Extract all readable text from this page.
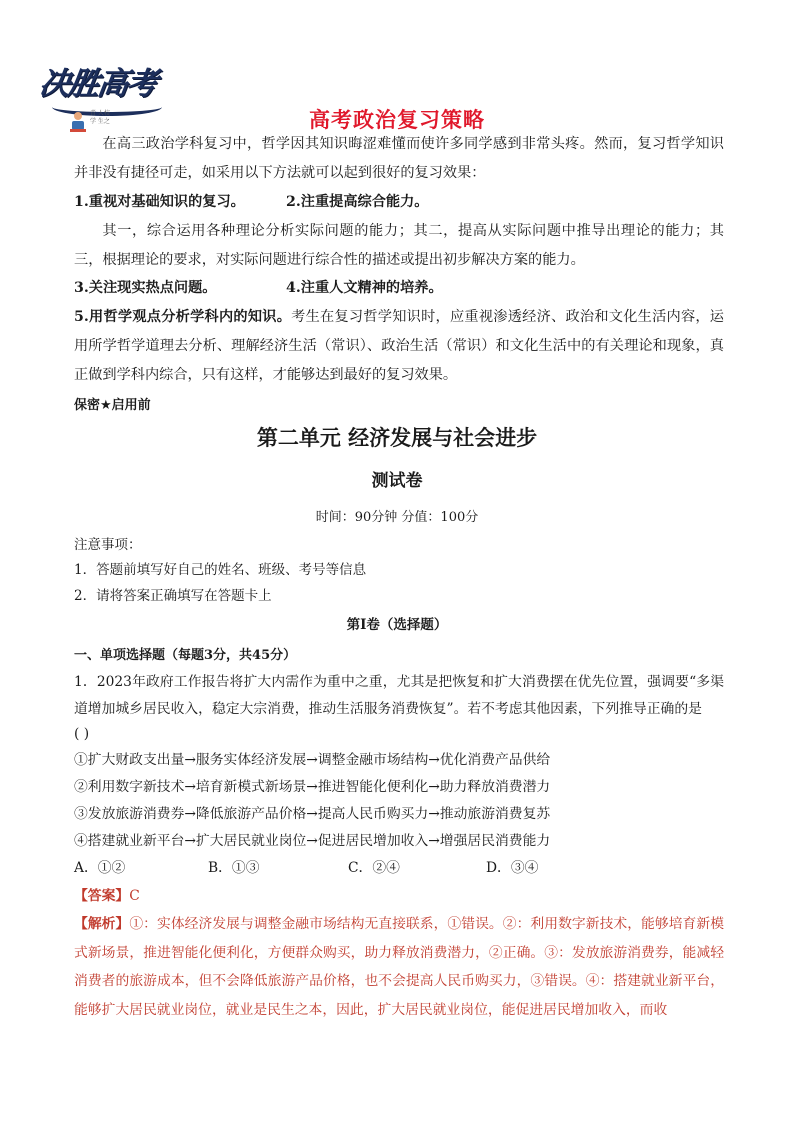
决胜高考
青 人校
学 生之	高考政治复习策略
在高三政治学科复习中，哲学因其知识晦涩难懂而使许多同学感到非常头疼。然而，复习哲学知识并非没有捷径可走，如采用以下方法就可以起到很好的复习效果：
1.重视对基础知识的复习。	2.注重提高综合能力。
其一，综合运用各种理论分析实际问题的能力；其二，提高从实际问题中推导出理论的能力；其三，根据理论的要求，对实际问题进行综合性的描述或提出初步解决方案的能力。
3.关注现实热点问题。	4.注重人文精神的培养。
5.用哲学观点分析学科内的知识。考生在复习哲学知识时，应重视渗透经济、政治和文化生活内容，运用所学哲学道理去分析、理解经济生活（常识）、政治生活（常识）和文化生活中的有关理论和现象，真正做到学科内综合，只有这样，才能够达到最好的复习效果。
保密★启用前
第二单元 经济发展与社会进步
测试卷
时间：90分钟 分值：100分
注意事项：
1．答题前填写好自己的姓名、班级、考号等信息
2．请将答案正确填写在答题卡上
第Ⅰ卷（选择题）
一、单项选择题（每题3分，共45分）
1．2023年政府工作报告将扩大内需作为重中之重，尤其是把恢复和扩大消费摆在优先位置，强调要“多渠道增加城乡居民收入，稳定大宗消费，推动生活服务消费恢复”。若不考虑其他因素，下列推导正确的是
( )
①扩大财政支出量→服务实体经济发展→调整金融市场结构→优化消费产品供给
②利用数字新技术→培育新模式新场景→推进智能化便利化→助力释放消费潜力
③发放旅游消费券→降低旅游产品价格→提高人民币购买力→推动旅游消费复苏
④搭建就业新平台→扩大居民就业岗位→促进居民增加收入→增强居民消费能力
A．①②	B．①③	C．②④	D．③④
【答案】C
【解析】①：实体经济发展与调整金融市场结构无直接联系，①错误。②：利用数字新技术，能够培育新模式新场景，推进智能化便利化，方便群众购买，助力释放消费潜力，②正确。③：发放旅游消费券，能减轻消费者的旅游成本，但不会降低旅游产品价格，也不会提高人民币购买力，③错误。④：搭建就业新平台，能够扩大居民就业岗位，就业是民生之本，因此，扩大居民就业岗位，能促进居民增加收入，而收
